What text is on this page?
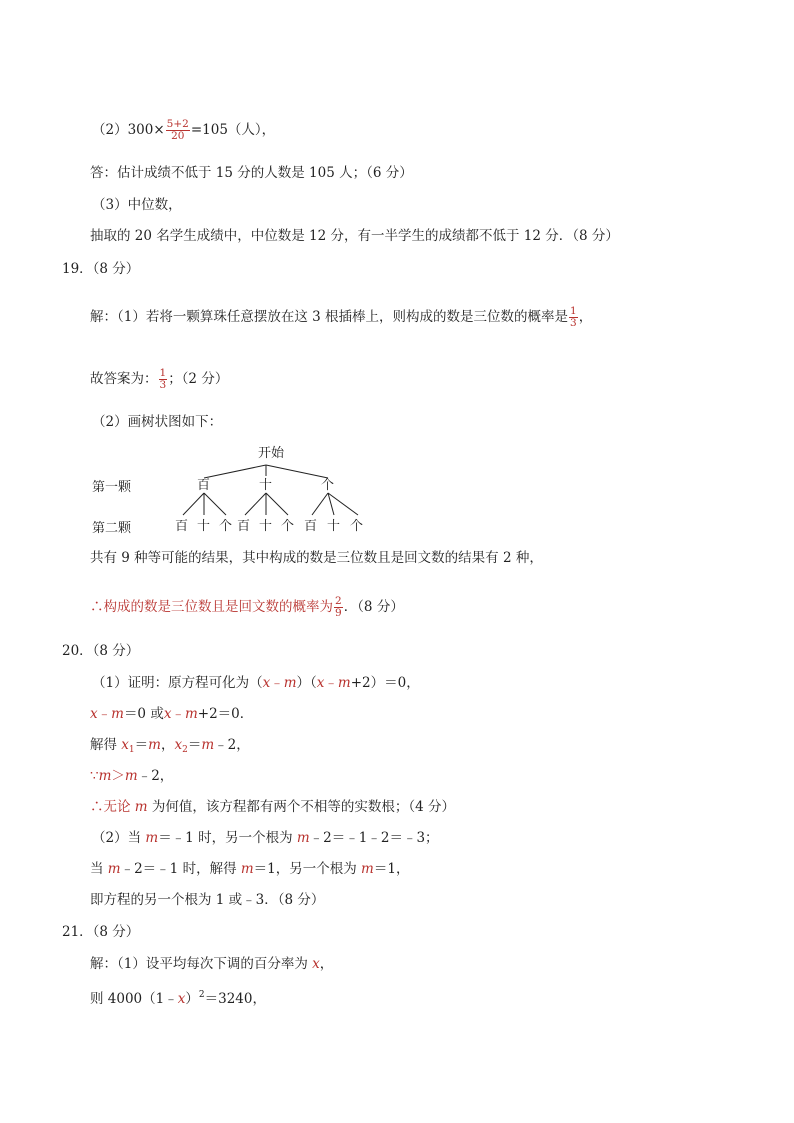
$(2)300\times \frac{5+2}{20} =105$（人），
答：估计成绩不低于 15 分的人数是 105 人；（6 分）
（3）中位数，
抽取的 20 名学生成绩中，中位数是 12 分，有一半学生的成绩都不低于 12 分．（8 分）
19．（8 分）
解：（1）若将一颗算珠任意摆放在这 3 根插棒上，则构成的数是三位数的概率是 $\frac{1}{3}$ ，
故答案为： $\frac{1}{3}$ ；（2 分）
（2）画树状图如下：
第一颗
第二颗
开始
百	十	个
百 十 个 百 十 个 百 十 个
共有 9 种等可能的结果，其中构成的数是三位数且是回文数的结果有 2 种，
∴构成的数是三位数且是回文数的概率为 $\frac{2}{9}$ ．（8 分）
20．（8 分）
（1）证明：原方程可化为（x﹣m）（x﹣m+2）＝0，
x﹣m＝0 或x﹣m+2＝0．
解得 $x_1=m$，$x_2=m﹣2$，
∵m＞m﹣2，
∴无论 m 为何值，该方程都有两个不相等的实数根；（4 分）
（2）当 m＝﹣1 时，另一个根为 m﹣2＝﹣1﹣2＝﹣3；
当 m﹣2＝﹣1 时，解得 m＝1，另一个根为 m＝1，
即方程的另一个根为 1 或﹣3．（8 分）
21．（8 分）
解：（1）设平均每次下调的百分率为 x，
则 4000（1﹣x）$^2$＝3240，
